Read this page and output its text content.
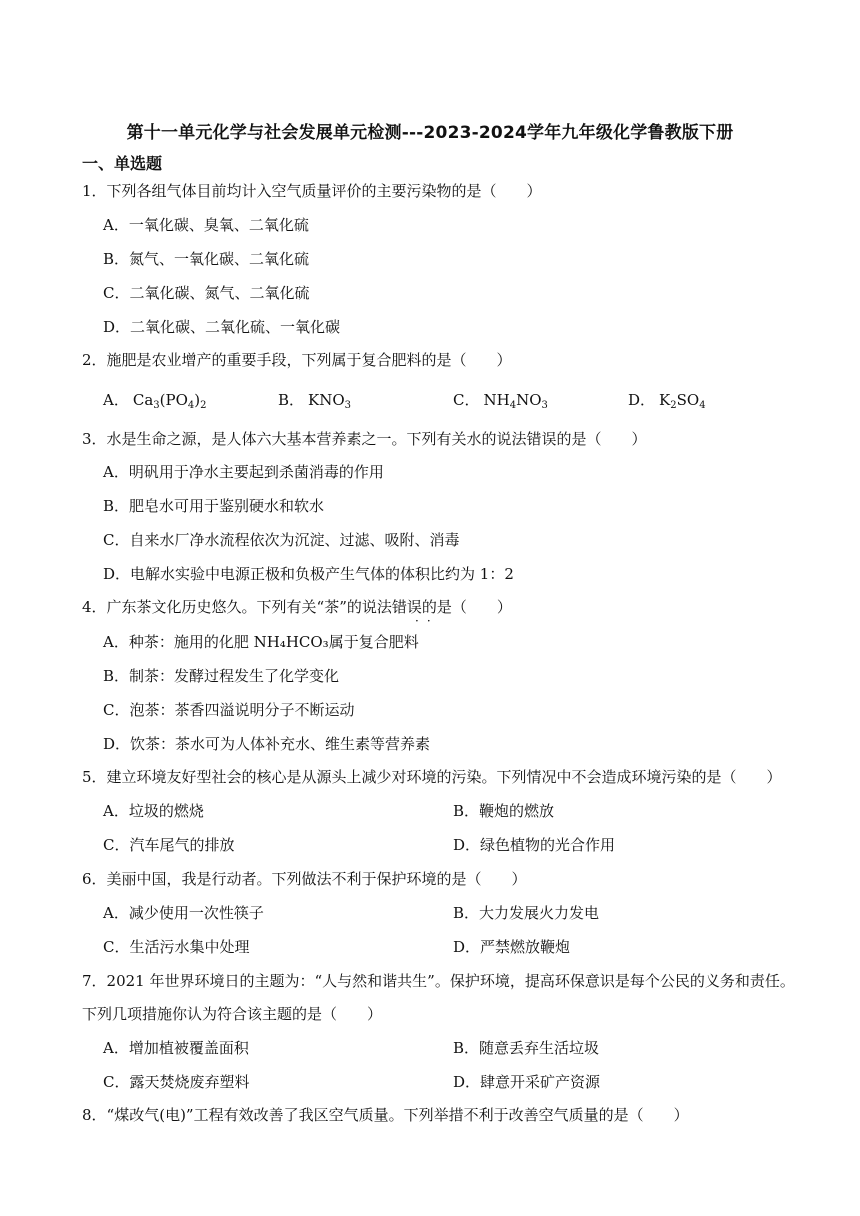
第十一单元化学与社会发展单元检测---2023-2024学年九年级化学鲁教版下册
一、单选题
1．下列各组气体目前均计入空气质量评价的主要污染物的是（　　）
A．一氧化碳、臭氧、二氧化硫
B．氮气、一氧化碳、二氧化硫
C．二氧化碳、氮气、二氧化硫
D．二氧化碳、二氧化硫、一氧化碳
2．施肥是农业增产的重要手段，下列属于复合肥料的是（　　）
A． $Ca_3(PO_4)_2$	B． $KNO_3$	C． $NH_4NO_3$	D． $K_2SO_4$
3．水是生命之源，是人体六大基本营养素之一。下列有关水的说法错误的是（　　）
A．明矾用于净水主要起到杀菌消毒的作用
B．肥皂水可用于鉴别硬水和软水
C．自来水厂净水流程依次为沉淀、过滤、吸附、消毒
D．电解水实验中电源正极和负极产生气体的体积比约为 1：2
4．广东茶文化历史悠久。下列有关“茶”的说法错误的是（　　）
··
A．种茶：施用的化肥 NH₄HCO₃属于复合肥料
B．制茶：发酵过程发生了化学变化
C．泡茶：茶香四溢说明分子不断运动
D．饮茶：茶水可为人体补充水、维生素等营养素
5．建立环境友好型社会的核心是从源头上减少对环境的污染。下列情况中不会造成环境污染的是（　　）
A．垃圾的燃烧	B．鞭炮的燃放
C．汽车尾气的排放	D．绿色植物的光合作用
6．美丽中国，我是行动者。下列做法不利于保护环境的是（　　）
A．减少使用一次性筷子	B．大力发展火力发电
C．生活污水集中处理	D．严禁燃放鞭炮
7．2021 年世界环境日的主题为：“人与然和谐共生”。保护环境，提高环保意识是每个公民的义务和责任。
下列几项措施你认为符合该主题的是（　　）
A．增加植被覆盖面积	B．随意丢弃生活垃圾
C．露天焚烧废弃塑料	D．肆意开采矿产资源
8．“煤改气(电)”工程有效改善了我区空气质量。下列举措不利于改善空气质量的是（　　）
